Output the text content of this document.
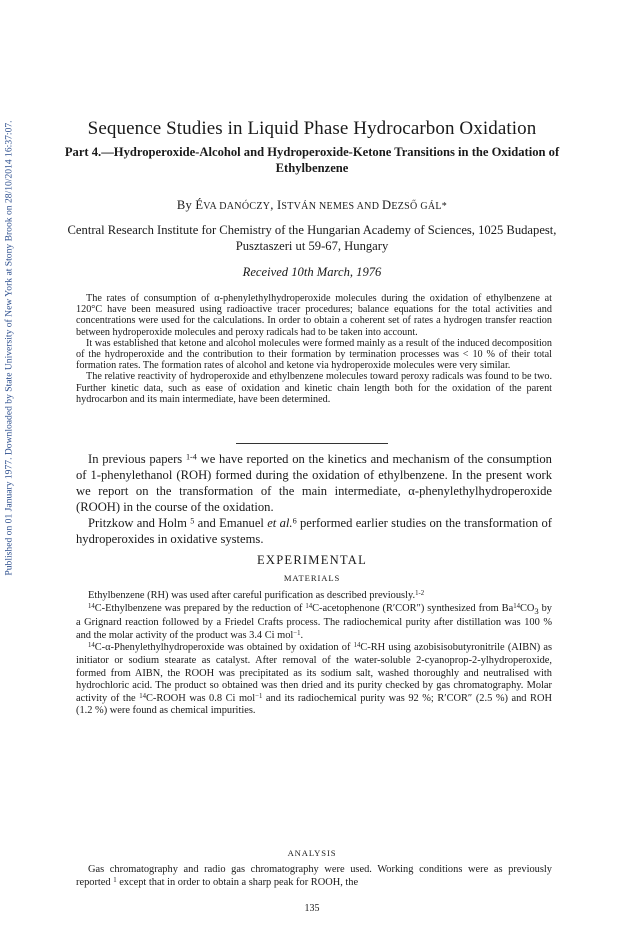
Published on 01 January 1977. Downloaded by State University of New York at Stony Brook on 28/10/2014 16:37:07.	Sequence Studies in Liquid Phase Hydrocarbon Oxidation
Part 4.—Hydroperoxide-Alcohol and Hydroperoxide-Ketone Transitions in the Oxidation of Ethylbenzene
By ÉVA DANÓCZY, ISTVÁN NEMES AND DEZSŐ GÁL*
Central Research Institute for Chemistry of the Hungarian Academy of Sciences, 1025 Budapest, Pusztaszeri ut 59-67, Hungary
Received 10th March, 1976

The rates of consumption of α-phenylethylhydroperoxide molecules during the oxidation of ethylbenzene at 120°C have been measured using radioactive tracer procedures; balance equations for the total activities and concentrations were used for the calculations. In order to obtain a coherent set of rates a hydrogen transfer reaction between hydroperoxide molecules and peroxy radicals had to be taken into account.

It was established that ketone and alcohol molecules were formed mainly as a result of the induced decomposition of the hydroperoxide and the contribution to their formation by termination processes was < 10 % of their total formation rates. The formation rates of alcohol and ketone via hydroperoxide molecules were very similar.

The relative reactivity of hydroperoxide and ethylbenzene molecules toward peroxy radicals was found to be two. Further kinetic data, such as ease of oxidation and kinetic chain length both for the oxidation of the parent hydrocarbon and its main intermediate, have been determined.

In previous papers $^{1-4}$ we have reported on the kinetics and mechanism of the consumption of 1-phenylethanol (ROH) formed during the oxidation of ethylbenzene. In the present work we report on the transformation of the main intermediate, α-phenylethylhydroperoxide (ROOH) in the course of the oxidation.

Pritzkow and Holm $^5$ and Emanuel et al.$^6$ performed earlier studies on the transformation of hydroperoxides in oxidative systems.

EXPERIMENTAL
MATERIALS

Ethylbenzene (RH) was used after careful purification as described previously.$^{1-2}$

$^{14}$C-Ethylbenzene was prepared by the reduction of $^{14}$C-acetophenone (R′COR″) synthesized from $Ba^{14}CO_3$ by a Grignard reaction followed by a Friedel Crafts process. The radiochemical purity after distillation was 100 % and the molar activity of the product was 3.4 Ci mol$^{-1}$.

$^{14}$C-α-Phenylethylhydroperoxide was obtained by oxidation of $^{14}$C-RH using azobisisobutyronitrile (AIBN) as initiator or sodium stearate as catalyst. After removal of the water-soluble 2-cyanoprop-2-ylhydroperoxide, formed from AIBN, the ROOH was precipitated as its sodium salt, washed thoroughly and neutralised with hydrochloric acid. The product so obtained was then dried and its purity checked by gas chromatography. Molar activity of the $^{14}$C-ROOH was 0.8 Ci mol$^{-1}$ and its radiochemical purity was 92 %; R′COR″ (2.5 %) and ROH (1.2 %) were found as chemical impurities.

ANALYSIS

Gas chromatography and radio gas chromatography were used. Working conditions were as previously reported $^1$ except that in order to obtain a sharp peak for ROOH, the

135
